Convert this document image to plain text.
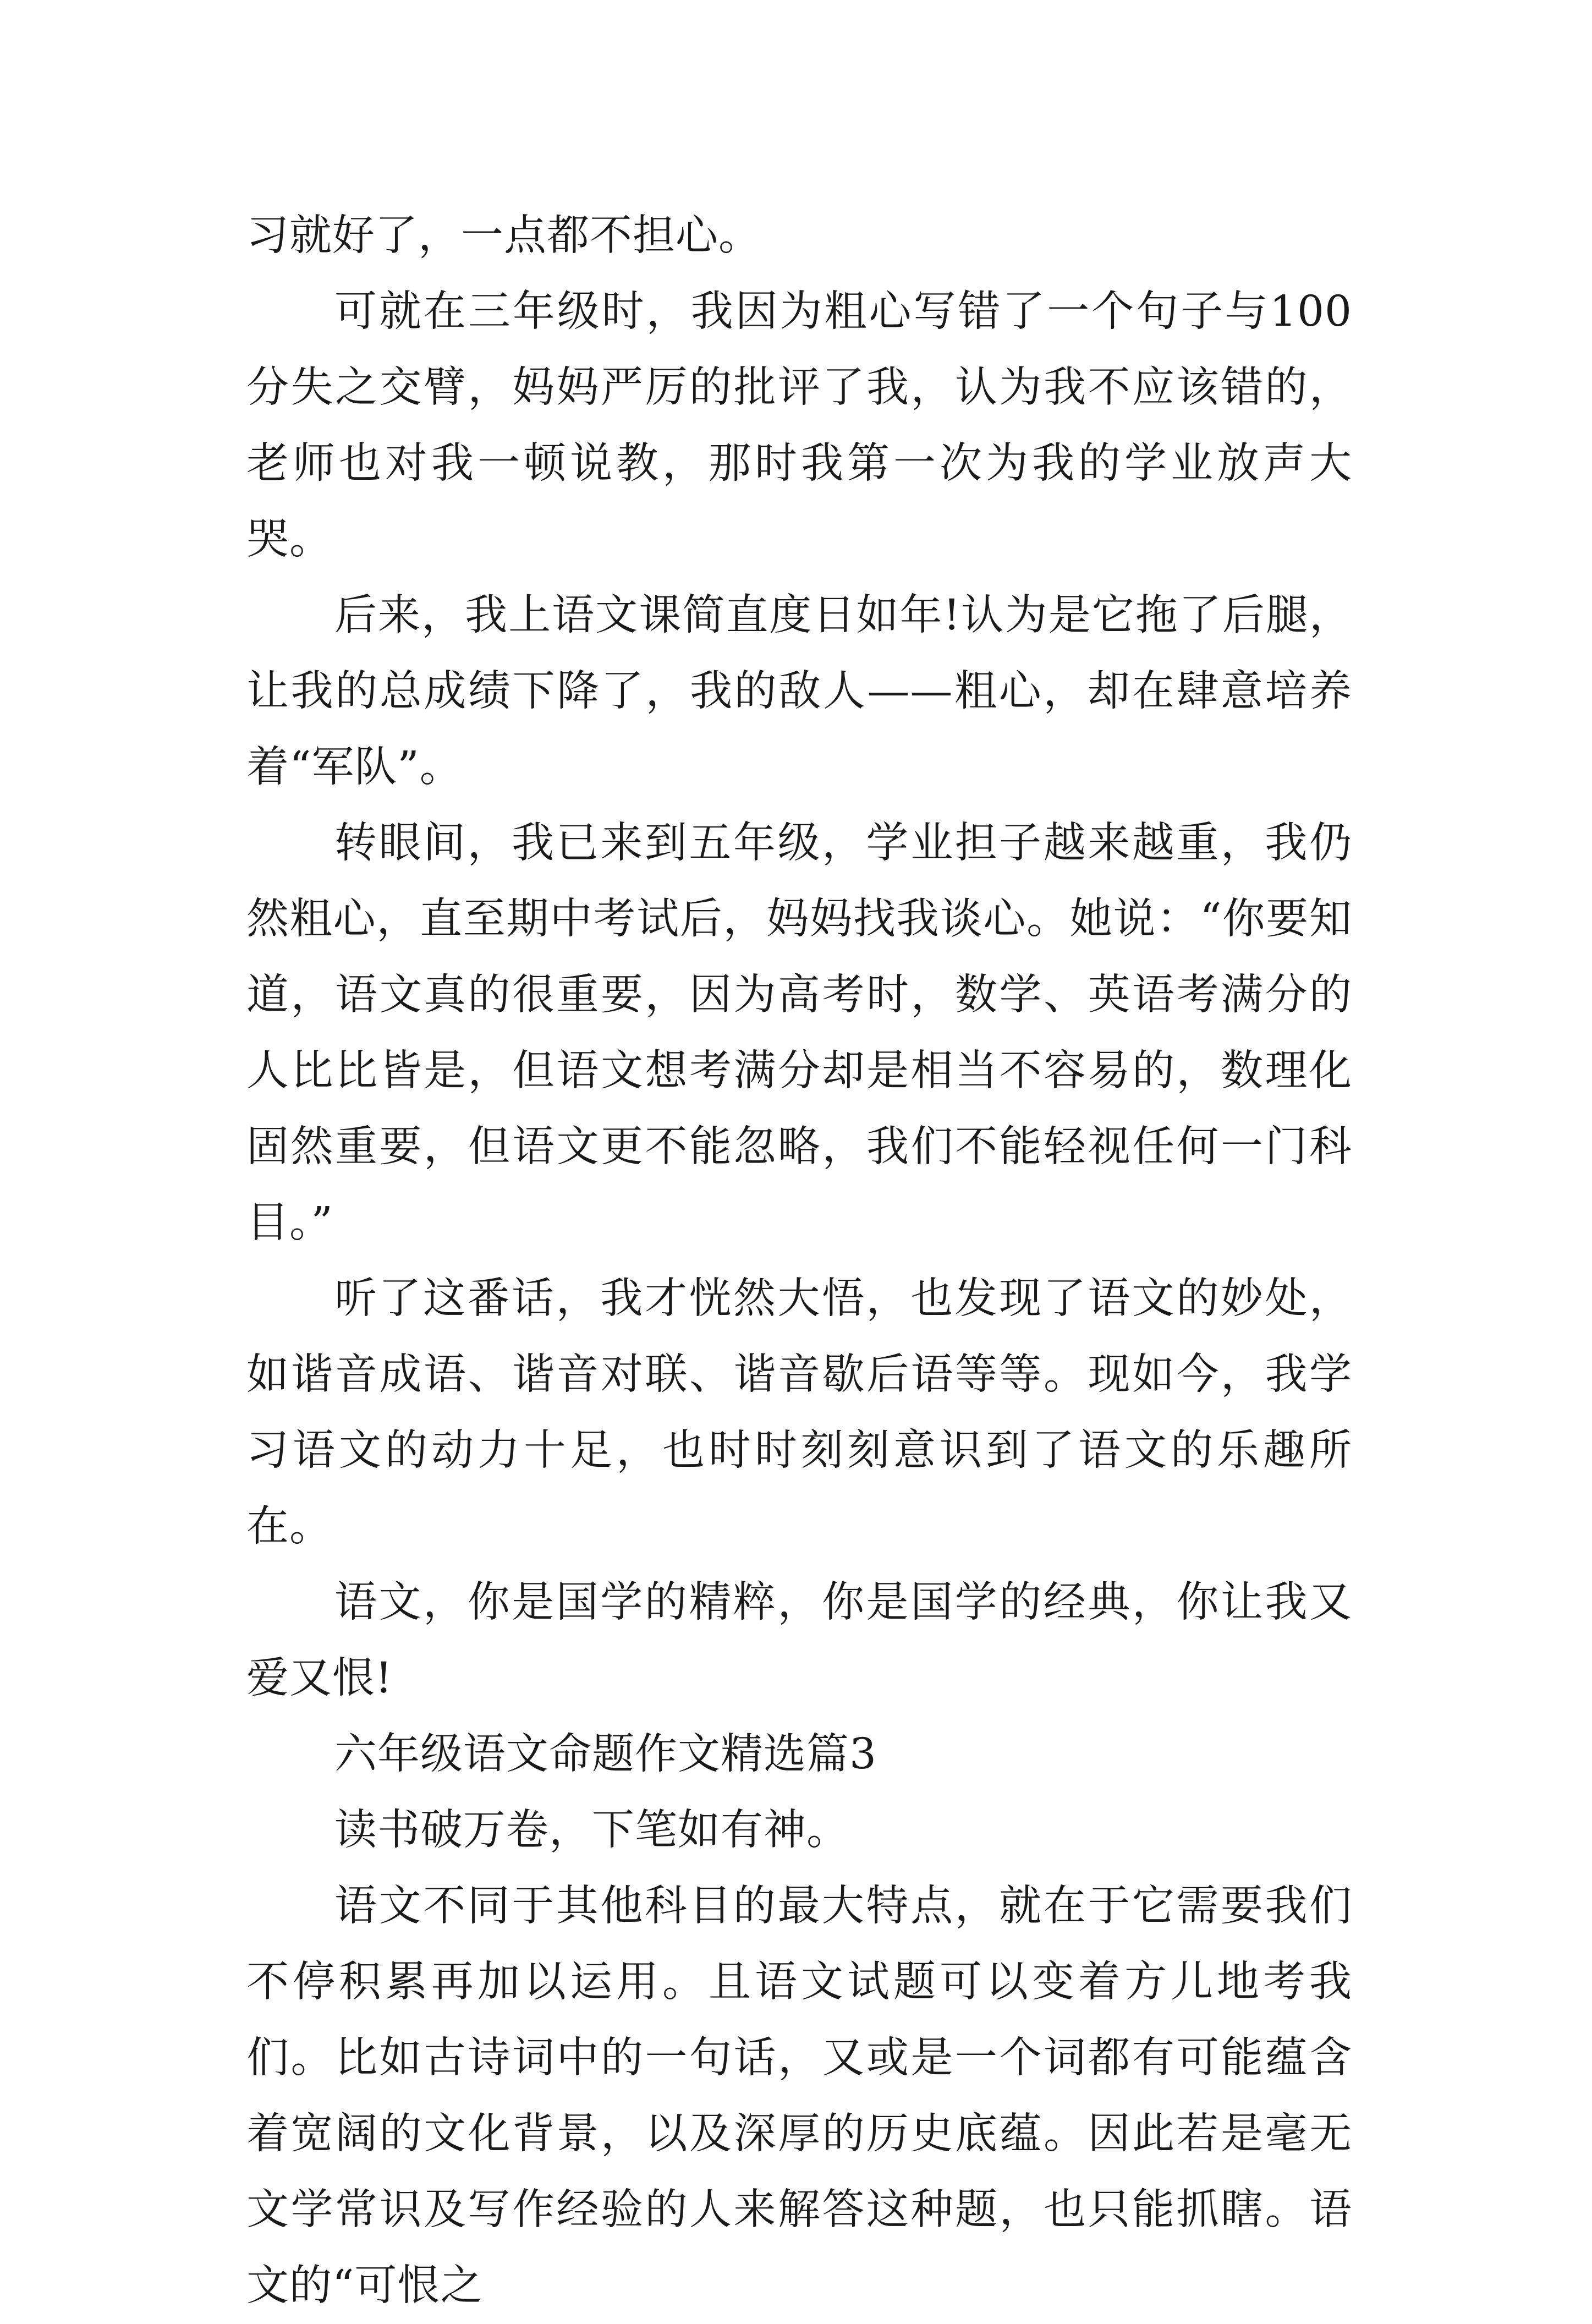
习就好了，一点都不担心。

可就在三年级时，我因为粗心写错了一个句子与100分失之交臂，妈妈严厉的批评了我，认为我不应该错的，老师也对我一顿说教，那时我第一次为我的学业放声大哭。

后来，我上语文课简直度日如年!认为是它拖了后腿，让我的总成绩下降了，我的敌人——粗心，却在肆意培养着“军队”。

转眼间，我已来到五年级，学业担子越来越重，我仍然粗心，直至期中考试后，妈妈找我谈心。她说：“你要知道，语文真的很重要，因为高考时，数学、英语考满分的人比比皆是，但语文想考满分却是相当不容易的，数理化固然重要，但语文更不能忽略，我们不能轻视任何一门科目。”

听了这番话，我才恍然大悟，也发现了语文的妙处，如谐音成语、谐音对联、谐音歇后语等等。现如今，我学习语文的动力十足，也时时刻刻意识到了语文的乐趣所在。

语文，你是国学的精粹，你是国学的经典，你让我又爱又恨!

六年级语文命题作文精选篇3

读书破万卷，下笔如有神。

语文不同于其他科目的最大特点，就在于它需要我们不停积累再加以运用。且语文试题可以变着方儿地考我们。比如古诗词中的一句话，又或是一个词都有可能蕴含着宽阔的文化背景，以及深厚的历史底蕴。因此若是毫无文学常识及写作经验的人来解答这种题，也只能抓瞎。语文的“可恨之
